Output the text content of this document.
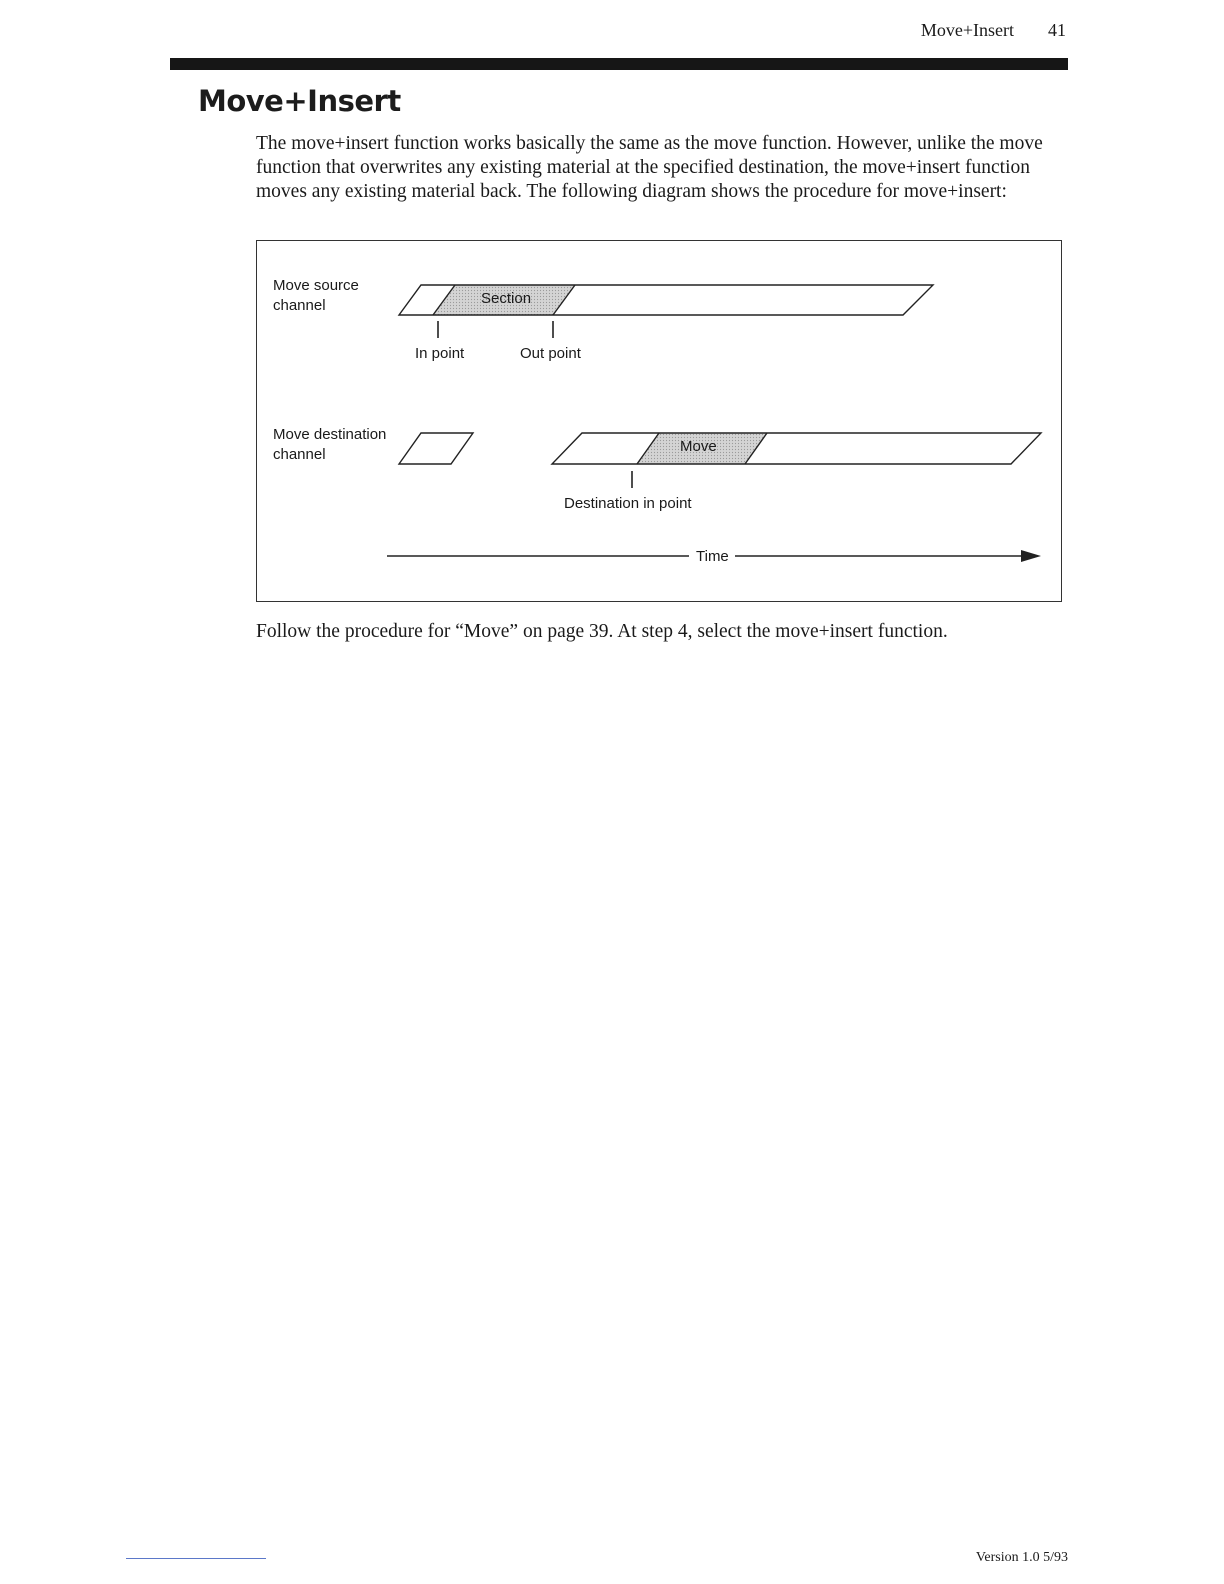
Move+Insert 41
Move+Insert

The move+insert function works basically the same as the move function. However, unlike the move function that overwrites any existing material at the specified destination, the move+insert function moves any existing material back. The following diagram shows the procedure for move+insert:

Move source
channel	Section
In point	Out point
Move destination
channel	Move
Destination in point
Time

Follow the procedure for “Move” on page 39. At step 4, select the move+insert function.

Version 1.0 5/93
